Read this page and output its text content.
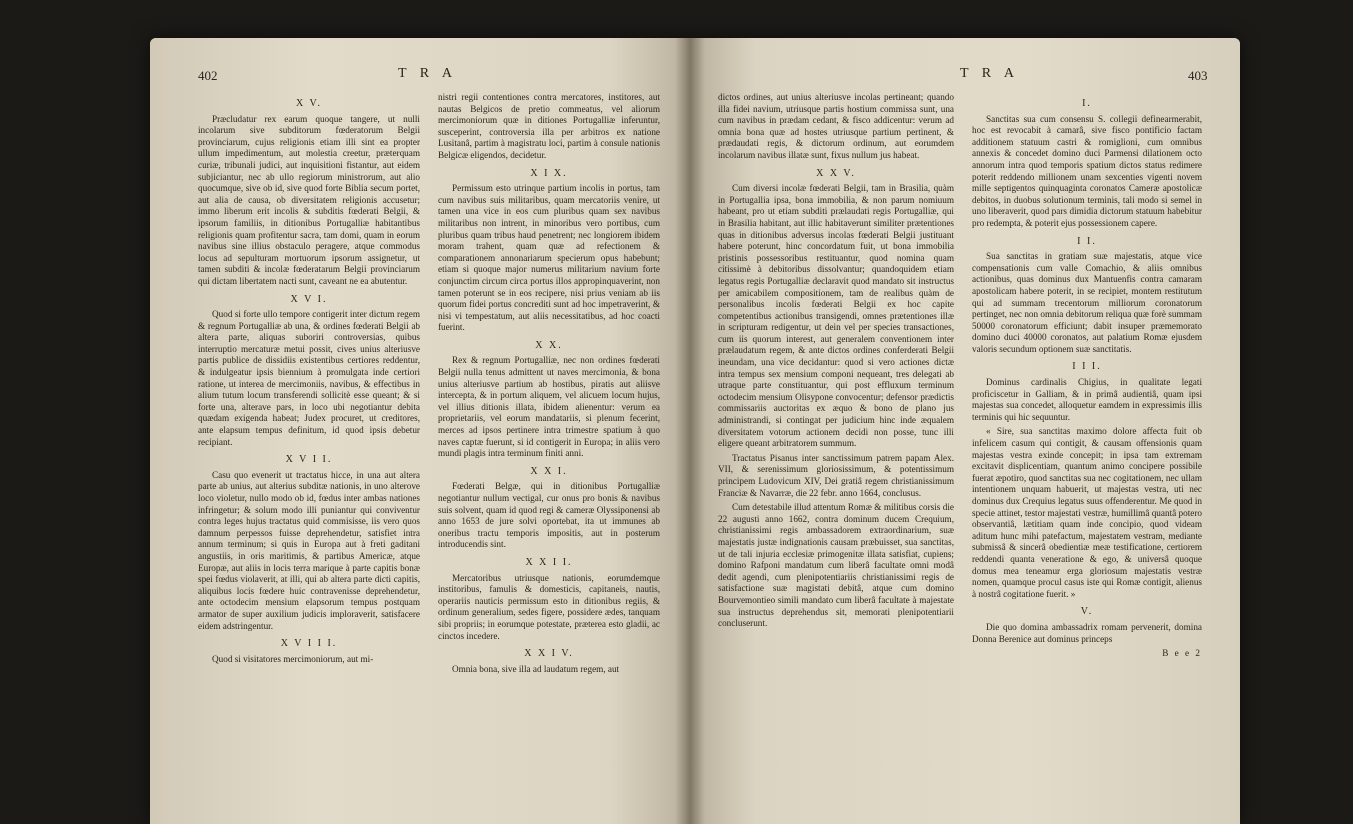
402	T R A
X V.

Præcludatur rex earum quoque tangere, ut nulli incolarum sive subditorum fœderatorum Belgii provinciarum, cujus religionis etiam illi sint ea propter ullum impedimentum, aut molestia creetur, præterquam curiæ, tribunali judici, aut inquisitioni fistantur, aut eidem subjiciantur, nec ab ullo regiorum ministrorum, aut alio quocumque, sive ob id, sive quod forte Biblia secum portet, aut alia de causa, ob diversitatem religionis accusetur; immo liberum erit incolis & subditis fœderati Belgii, & ipsorum familiis, in ditionibus Portugalliæ habitantibus religionis quam profitentur sacra, tam domi, quam in eorum navibus sine illius obstaculo peragere, atque commodus locus ad sepulturam mortuorum ipsorum assignetur, ut tamen subditi & incolæ fœderatarum Belgii provinciarum qui dictam libertatem nacti sunt, caveant ne ea abutentur.

X V I.

Quod si forte ullo tempore contigerit inter dictum regem & regnum Portugalliæ ab una, & ordines fœderati Belgii ab altera parte, aliquas suboriri controversias, quibus interruptio mercaturæ metui possit, cives unius alteriusve partis publice de dissidiis existentibus certiores reddentur, & indulgeatur ipsis biennium à promulgata inde certiori ratione, ut interea de mercimoniis, navibus, & effectibus in alium tutum locum transferendi sollicitè esse queant; & si forte una, alterave pars, in loco ubi negotiantur debita quædam exigenda habeat; Judex procuret, ut creditores, ante elapsum tempus definitum, id quod ipsis debetur recipiant.

X V I I.

Casu quo evenerit ut tractatus hicce, in una aut altera parte ab unius, aut alterius subditæ nationis, in uno alterove loco violetur, nullo modo ob id, fœdus inter ambas nationes infringetur; & solum modo illi puniantur qui conviventur contra leges hujus tractatus quid commisisse, iis vero quos damnum perpessos fuisse deprehendetur, satisfiet intra annum terminum; si quis in Europa aut à freti gaditani angustiis, in oris maritimis, & partibus Americæ, atque Europæ, aut aliis in locis terra marique à parte capitis bonæ spei fœdus violaverit, at illi, qui ab altera parte dicti capitis, aliquibus locis fœdere huic contravenisse deprehendetur, ante octodecim mensium elapsorum tempus postquam armator de super auxilium judicis imploraverit, satisfacere eidem adstringentur.

X V I I I.

Quod si visitatores mercimoniorum, aut mi-

nistri regii contentiones contra mercatores, institores, aut nautas Belgicos de pretio commeatus, vel aliorum mercimoniorum quæ in ditiones Portugalliæ inferuntur, susceperint, controversia illa per arbitros ex natione Lusitanâ, partim à magistratu loci, partim à consule nationis Belgicæ eligendos, decidetur.

X I X.

Permissum esto utrinque partium incolis in portus, tam cum navibus suis militaribus, quam mercatoriis venire, ut tamen una vice in eos cum pluribus quam sex navibus militaribus non intrent, in minoribus vero portibus, cum pluribus quam tribus haud penetrent; nec longiorem ibidem moram trahent, quam quæ ad refectionem & comparationem annonariarum specierum opus habebunt; etiam si quoque major numerus militarium navium forte conjunctim circum circa portus illos appropinquaverint, non tamen poterunt se in eos recipere, nisi prius veniam ab iis quorum fidei portus concrediti sunt ad hoc impetraverint, & nisi vi tempestatum, aut aliis necessitatibus, ad hoc coacti fuerint.

X X.

Rex & regnum Portugalliæ, nec non ordines fœderati Belgii nulla tenus admittent ut naves mercimonia, & bona unius alteriusve partium ab hostibus, piratis aut aliisve intercepta, & in portum aliquem, vel alicuem locum hujus, vel illius ditionis illata, ibidem alienentur: verum ea proprietariis, vel eorum mandatariis, si plenum fecerint, merces ad ipsos pertinere intra trimestre spatium à quo naves captæ fuerunt, si id contigerit in Europa; in aliis vero mundi plagis intra terminum finiti anni.

X X I.

Fœderati Belgæ, qui in ditionibus Portugalliæ negotiantur nullum vectigal, cur onus pro bonis & navibus suis solvent, quam id quod regi & cameræ Olyssiponensi ab anno 1653 de jure solvi oportebat, ita ut immunes ab oneribus tractu temporis impositis, aut in posterum introducendis sint.

X X I I.

Mercatoribus utriusque nationis, eorumdemque institoribus, famulis & domesticis, capitaneis, nautis, operariis nauticis permissum esto in ditionibus regiis, & ordinum generalium, sedes figere, possidere ædes, tanquam sibi propriis; in eorumque potestate, præterea esto gladii, ac cinctos incedere.

X X I V.

Omnia bona, sive illa ad laudatum regem, aut

T R A	403

dictos ordines, aut unius alteriusve incolas pertineant; quando illa fidei navium, utriusque partis hostium commissa sunt, una cum navibus in prædam cedant, & fisco addicentur: verum ad omnia bona quæ ad hostes utriusque partium pertinent, & prædaudati regis, & dictorum ordinum, aut eorumdem incolarum navibus illatæ sunt, fixus nullum jus habeat.

X X V.

Cum diversi incolæ fœderati Belgii, tam in Brasilia, quàm in Portugallia ipsa, bona immobilia, & non parum nomiuum habeant, pro ut etiam subditi prælaudati regis Portugalliæ, qui in Brasilia habitant, aut illic habitaverunt similiter prætentiones quas in ditionibus adversus incolas fœderati Belgii justituant habere poterunt, hinc concordatum fuit, ut bona immobilia pristinis possessoribus restituantur, quod nomina quam citissimè à debitoribus dissolvantur; quandoquidem etiam legatus regis Portugalliæ declaravit quod mandato sit instructus per amicabilem compositionem, tam de realibus quàm de personalibus incolis fœderati Belgii ex hoc capite competentibus actionibus transigendi, omnes prætentiones illæ in scripturam redigentur, ut dein vel per species transactiones, cum iis quorum interest, aut generalem conventionem inter prælaudatum regem, & ante dictos ordines conferderati Belgii ineundam, una vice decidantur: quod si vero actiones dictæ intra tempus sex mensium componi nequeant, tres delegati ab utraque parte constituantur, qui post effluxum terminum octodecim mensium Olisypone convocentur; defensor prædictis commissariis auctoritas ex æquo & bono de plano jus administrandi, si contingat per judicium hinc inde æqualem diversitatem votorum actionem decidi non posse, tunc illi eligere queant arbitratorem summum.

Tractatus Pisanus inter sanctissimum patrem papam Alex. VII, & serenissimum gloriosissimum, & potentissimum principem Ludovicum XIV, Dei gratiâ regem christianissimum Franciæ & Navarræ, die 22 febr. anno 1664, conclusus.

Cum detestabile illud attentum Romæ & militibus corsis die 22 augusti anno 1662, contra dominum ducem Crequium, christianissimi regis ambassadorem extraordinarium, suæ majestatis justæ indignationis causam præbuisset, sua sanctitas, ut de tali injuria ecclesiæ primogenitæ illata satisfiat, cupiens; domino Rafponi mandatum cum liberâ facultate omni modâ dedit agendi, cum plenipotentiariis christianissimi regis de satisfactione suæ magistati debitâ, atque cum domino Bourvemontieo simili mandato cum liberâ facultate à majestate sua instructus deprehendus sit, memorati plenipotentiarii concluserunt.

I.

Sanctitas sua cum consensu S. collegii definearmerabit, hoc est revocabit à camarâ, sive fisco pontificio factam additionem statuum castri & romiglioni, cum omnibus annexis & concedet domino duci Parmensi dilationem octo annorum intra quod temporis spatium dictos status redimere poterit reddendo millionem unam sexcenties vigenti novem mille septigentos quinquaginta coronatos Cameræ apostolicæ debitos, in duobus solutionum terminis, tali modo si semel in uno liberaverit, quod pars dimidia dictorum statuum habebitur pro redempta, & poterit ejus possessionem capere.

I I.

Sua sanctitas in gratiam suæ majestatis, atque vice compensationis cum valle Comachio, & aliis omnibus actionibus, quas dominus dux Mantuenfis contra camaram apostolicam habere poterit, in se recipiet, montem restitutum qui ad summam trecentorum milliorum coronatorum pertinget, nec non omnia debitorum reliqua quæ forè summam 50000 coronatorum efficiunt; dabit insuper præmemorato domino duci 40000 coronatos, aut palatium Romæ ejusdem valoris secundum optionem suæ sanctitatis.

I I I.

Dominus cardinalis Chigius, in qualitate legati proficiscetur in Galliam, & in primâ audientiâ, quam ipsi majestas sua concedet, alloquetur eamdem in expressimis illis terminis qui hic sequuntur.

« Sire, sua sanctitas maximo dolore affecta fuit ob infelicem casum qui contigit, & causam offensionis quam majestas vestra exinde concepit; in ipsa tam extremam excitavit displicentiam, quantum animo concipere possibile fuerat æpotiro, quod sanctitas sua nec cogitationem, nec ullam intentionem unquam habuerit, ut majestas vestra, uti nec dominus dux Crequius legatus suus offenderentur. Me quod in specie attinet, testor majestati vestræ, humillimâ quantâ potero observantiâ, lætitiam quam inde concipio, quod videam aditum hunc mihi patefactum, majestatem vestram, mediante submissâ & sincerâ obedientiæ meæ testificatione, certiorem reddendi quanta veneratione & ego, & universâ quoque domus mea teneamur erga gloriosum majestatis vestræ nomen, quamque procul casus iste qui Romæ contigit, alienus à nostrâ cogitatione fuerit. »

V.

Die quo domina ambassadrix romam pervenerit, domina Donna Berenice aut dominus princeps

B e e 2
